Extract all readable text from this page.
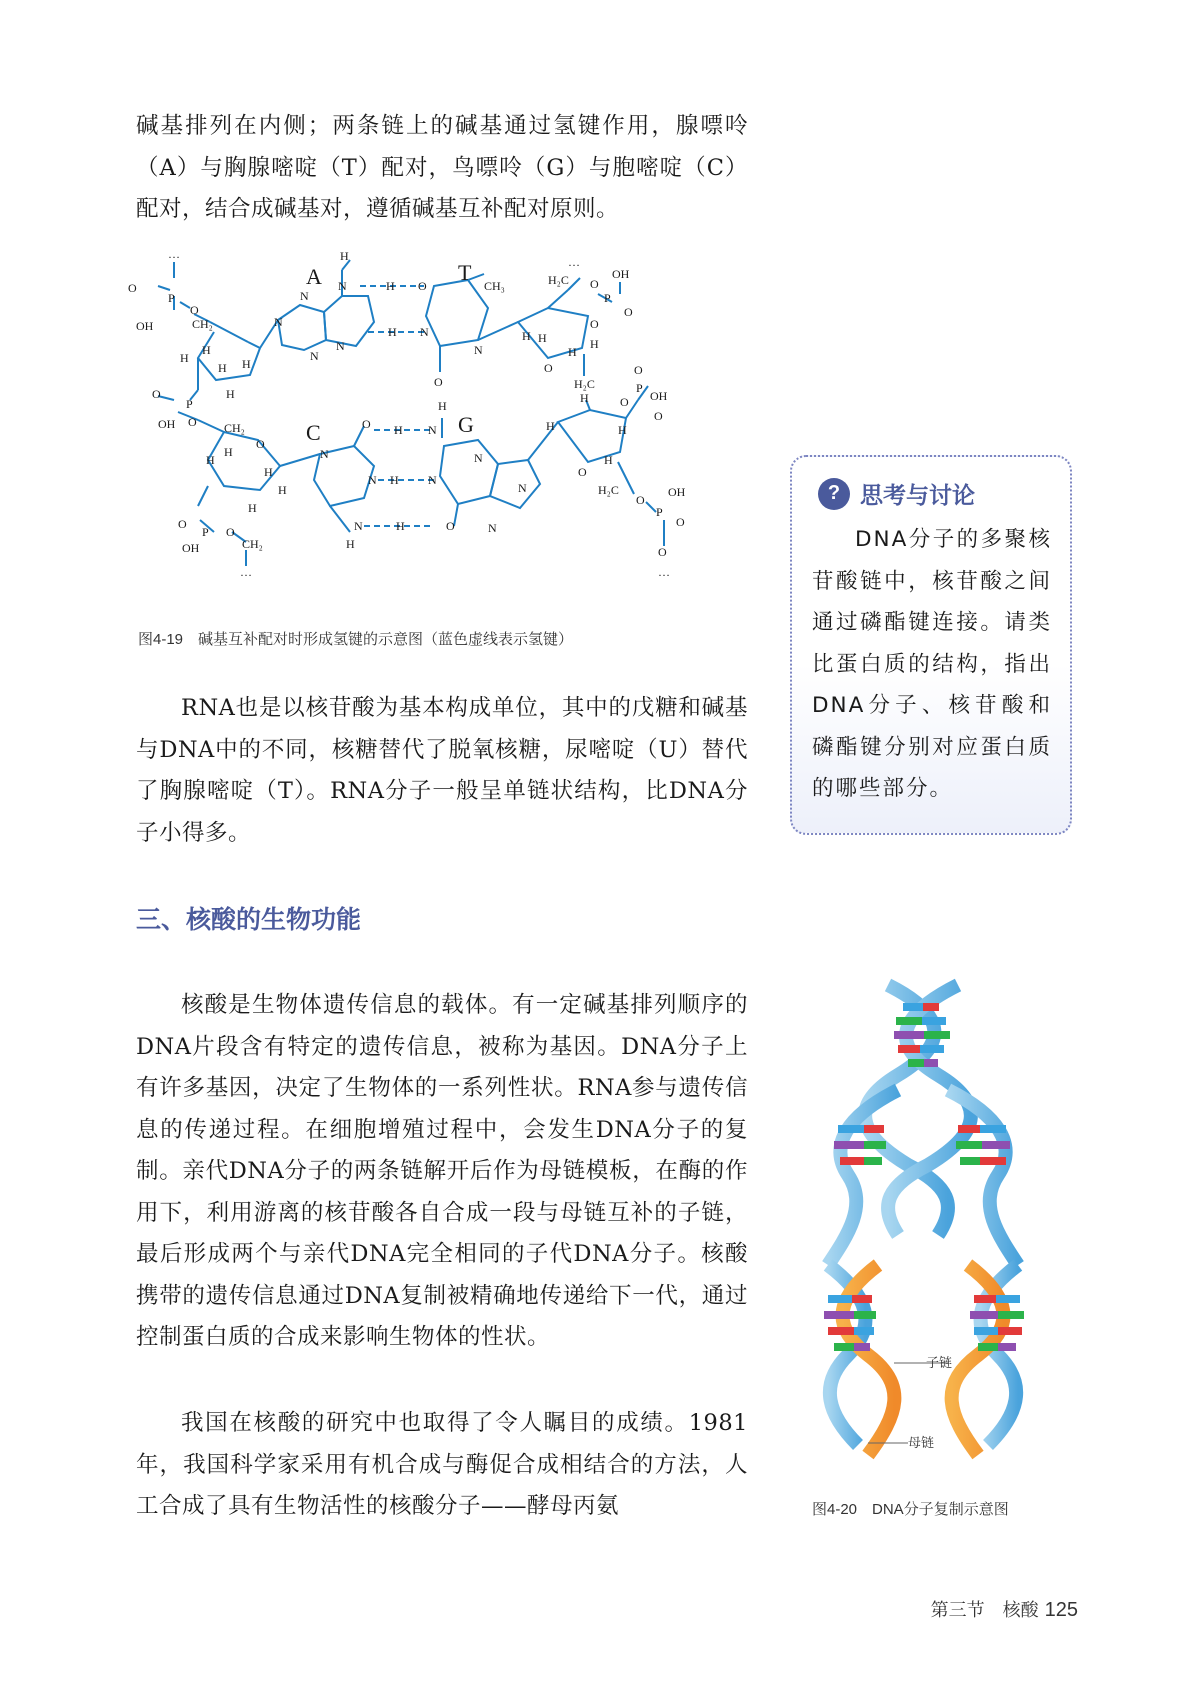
碱基排列在内侧；两条链上的碱基通过氢键作用，腺嘌呤（A）与胸腺嘧啶（T）配对，鸟嘌呤（G）与胞嘧啶（C）配对，结合成碱基对，遵循碱基互补配对原则。
…
O
P
OH
O
CH₂
H
H
H H
N
N
N
N
N
H
H O	CH₃
H N
O
N
H H
O
H
H
H₂C O
P
OH
O
O
H₂C
…
O
P
OH O CH₂
H
H
H
O
H
H
H
N
O H N
H
N H N
N
N
H
H	O	N
N
H
H
O
H
H
O
P
O
OH
O
H₂C
O
P
OH
O
O
…
O
P
OH
O
CH₂
…
A	T
C	G
图4-19　碱基互补配对时形成氢键的示意图（蓝色虚线表示氢键）
RNA也是以核苷酸为基本构成单位，其中的戊糖和碱基与DNA中的不同，核糖替代了脱氧核糖，尿嘧啶（U）替代了胸腺嘧啶（T）。RNA分子一般呈单链状结构，比DNA分子小得多。
? 思考与讨论
DNA分子的多聚核苷酸链中，核苷酸之间通过磷酯键连接。请类比蛋白质的结构，指出DNA分子、核苷酸和磷酯键分别对应蛋白质的哪些部分。
三、核酸的生物功能
核酸是生物体遗传信息的载体。有一定碱基排列顺序的DNA片段含有特定的遗传信息，被称为基因。DNA分子上有许多基因，决定了生物体的一系列性状。RNA参与遗传信息的传递过程。在细胞增殖过程中，会发生DNA分子的复制。亲代DNA分子的两条链解开后作为母链模板，在酶的作用下，利用游离的核苷酸各自合成一段与母链互补的子链，最后形成两个与亲代DNA完全相同的子代DNA分子。核酸携带的遗传信息通过DNA复制被精确地传递给下一代，通过控制蛋白质的合成来影响生物体的性状。
我国在核酸的研究中也取得了令人瞩目的成绩。1981年，我国科学家采用有机合成与酶促合成相结合的方法，人工合成了具有生物活性的核酸分子——酵母丙氨
子链
母链
图4-20　DNA分子复制示意图
第三节　核酸 125
